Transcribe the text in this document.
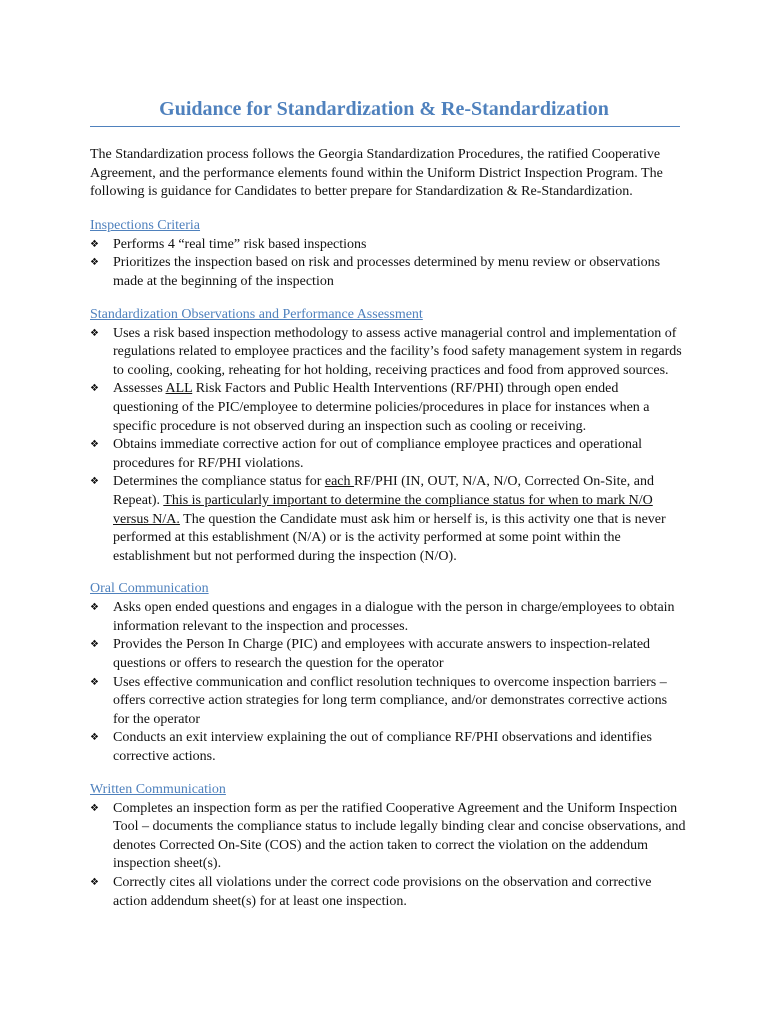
Guidance for Standardization & Re-Standardization

The Standardization process follows the Georgia Standardization Procedures, the ratified Cooperative Agreement, and the performance elements found within the Uniform District Inspection Program. The following is guidance for Candidates to better prepare for Standardization & Re-Standardization.

Inspections Criteria
❖ Performs 4 “real time” risk based inspections
❖ Prioritizes the inspection based on risk and processes determined by menu review or observations made at the beginning of the inspection
Standardization Observations and Performance Assessment
❖ Uses a risk based inspection methodology to assess active managerial control and implementation of regulations related to employee practices and the facility’s food safety management system in regards to cooling, cooking, reheating for hot holding, receiving practices and food from approved sources.
❖ Assesses ALL Risk Factors and Public Health Interventions (RF/PHI) through open ended questioning of the PIC/employee to determine policies/procedures in place for instances when a specific procedure is not observed during an inspection such as cooling or receiving.
❖ Obtains immediate corrective action for out of compliance employee practices and operational procedures for RF/PHI violations.
❖ Determines the compliance status for each RF/PHI (IN, OUT, N/A, N/O, Corrected On-Site, and Repeat). This is particularly important to determine the compliance status for when to mark N/O versus N/A. The question the Candidate must ask him or herself is, is this activity one that is never performed at this establishment (N/A) or is the activity performed at some point within the establishment but not performed during the inspection (N/O).
Oral Communication
❖ Asks open ended questions and engages in a dialogue with the person in charge/employees to obtain information relevant to the inspection and processes.
❖ Provides the Person In Charge (PIC) and employees with accurate answers to inspection-related questions or offers to research the question for the operator
❖ Uses effective communication and conflict resolution techniques to overcome inspection barriers – offers corrective action strategies for long term compliance, and/or demonstrates corrective actions for the operator
❖ Conducts an exit interview explaining the out of compliance RF/PHI observations and identifies corrective actions.
Written Communication
❖ Completes an inspection form as per the ratified Cooperative Agreement and the Uniform Inspection Tool – documents the compliance status to include legally binding clear and concise observations, and denotes Corrected On-Site (COS) and the action taken to correct the violation on the addendum inspection sheet(s).
❖ Correctly cites all violations under the correct code provisions on the observation and corrective action addendum sheet(s) for at least one inspection.
